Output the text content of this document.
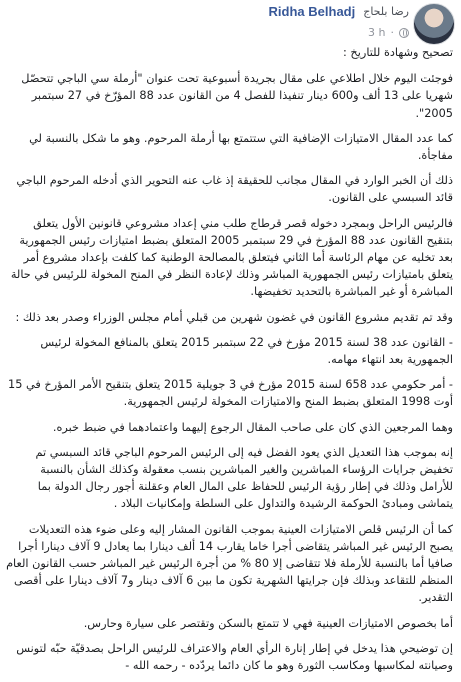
Ridha Belhadj رضا بلحاج
3 h ·

تصحيح وشهادة للتاريخ :

فوجئت اليوم خلال اطلاعي على مقال بجريدة أسبوعية تحت عنوان "أرملة سي الباجي تتحصّل شهريا على 13 ألف و600 دينار تنفيذا للفصل 4 من القانون عدد 88 المؤرّخ في 27 سبتمبر 2005".

كما عدد المقال الامتيازات الإضافية التي ستتمتع بها أرملة المرحوم. وهو ما شكل بالنسبة لي مفاجأة.

ذلك أن الخبر الوارد في المقال مجانب للحقيقة إذ غاب عنه التحوير الذي أدخله المرحوم الباجي قائد السبسي على القانون.

فالرئيس الراحل وبمجرد دخوله قصر قرطاج طلب مني إعداد مشروعي قانونين الأول يتعلق بتنقيح القانون عدد 88 المؤرخ في 29 سبتمبر 2005 المتعلق بضبط امتيازات رئيس الجمهورية بعد تخليه عن مهام الرئاسة أما الثاني فيتعلق بالمصالحة الوطنية كما كلفت بإعداد مشروع أمر يتعلق بامتيازات رئيس الجمهورية المباشر وذلك لإعادة النظر في المنح المخولة للرئيس في حالة المباشرة أو غير المباشرة بالتحديد تخفيضها.

وقد تم تقديم مشروع القانون في غضون شهرين من قبلي أمام مجلس الوزراء وصدر بعد ذلك :

- القانون عدد 38 لسنة 2015 مؤرخ في 22 سبتمبر 2015 يتعلق بالمنافع المخولة لرئيس الجمهورية بعد انتهاء مهامه.

- أمر حكومي عدد 658 لسنة 2015 مؤرخ في 3 جويلية 2015 يتعلق بتنقيح الأمر المؤرخ في 15 أوت 1998 المتعلق بضبط المنح والامتيازات المخولة لرئيس الجمهورية.

وهما المرجعين الذي كان على صاحب المقال الرجوع إليهما واعتمادهما في ضبط خبره.

إنه بموجب هذا التعديل الذي يعود الفضل فيه إلى الرئيس المرحوم الباجي قائد السبسي تم تخفيض جرايات الرؤساء المباشرين والغير المباشرين بنسب معقولة وكذلك الشأن بالنسبة للأرامل وذلك في إطار رؤية الرئيس للحفاظ على المال العام وعقلنة أجور رجال الدولة بما يتماشى ومبادئ الحوكمة الرشيدة والتداول على السلطة وإمكانيات البلاد .

كما أن الرئيس قلص الامتيازات العينية بموجب القانون المشار إليه وعلى ضوء هذه التعديلات يصبح الرئيس غير المباشر يتقاضى أجرا خاما يقارب 14 ألف دينارا بما يعادل 9 آلاف دينارا أجرا صافيا أما بالنسبة للأرملة فلا تتقاضى إلا 80 % من أجرة الرئيس غير المباشر حسب القانون العام المنظم للتقاعد وبذلك فإن جرايتها الشهرية تكون ما بين 6 آلاف دينار و7 آلاف دينارا على أقصى التقدير.

أما بخصوص الامتيازات العينية فهي لا تتمتع بالسكن وتقتصر على سيارة وحارس.

إن توضيحي هذا يدخل في إطار إنارة الرأي العام والاعتراف للرئيس الراحل بصدقيّة حبّه لتونس وصيانته لمكاسبها ومكاسب الثورة وهو ما كان دائما يردّده - رحمه الله -
